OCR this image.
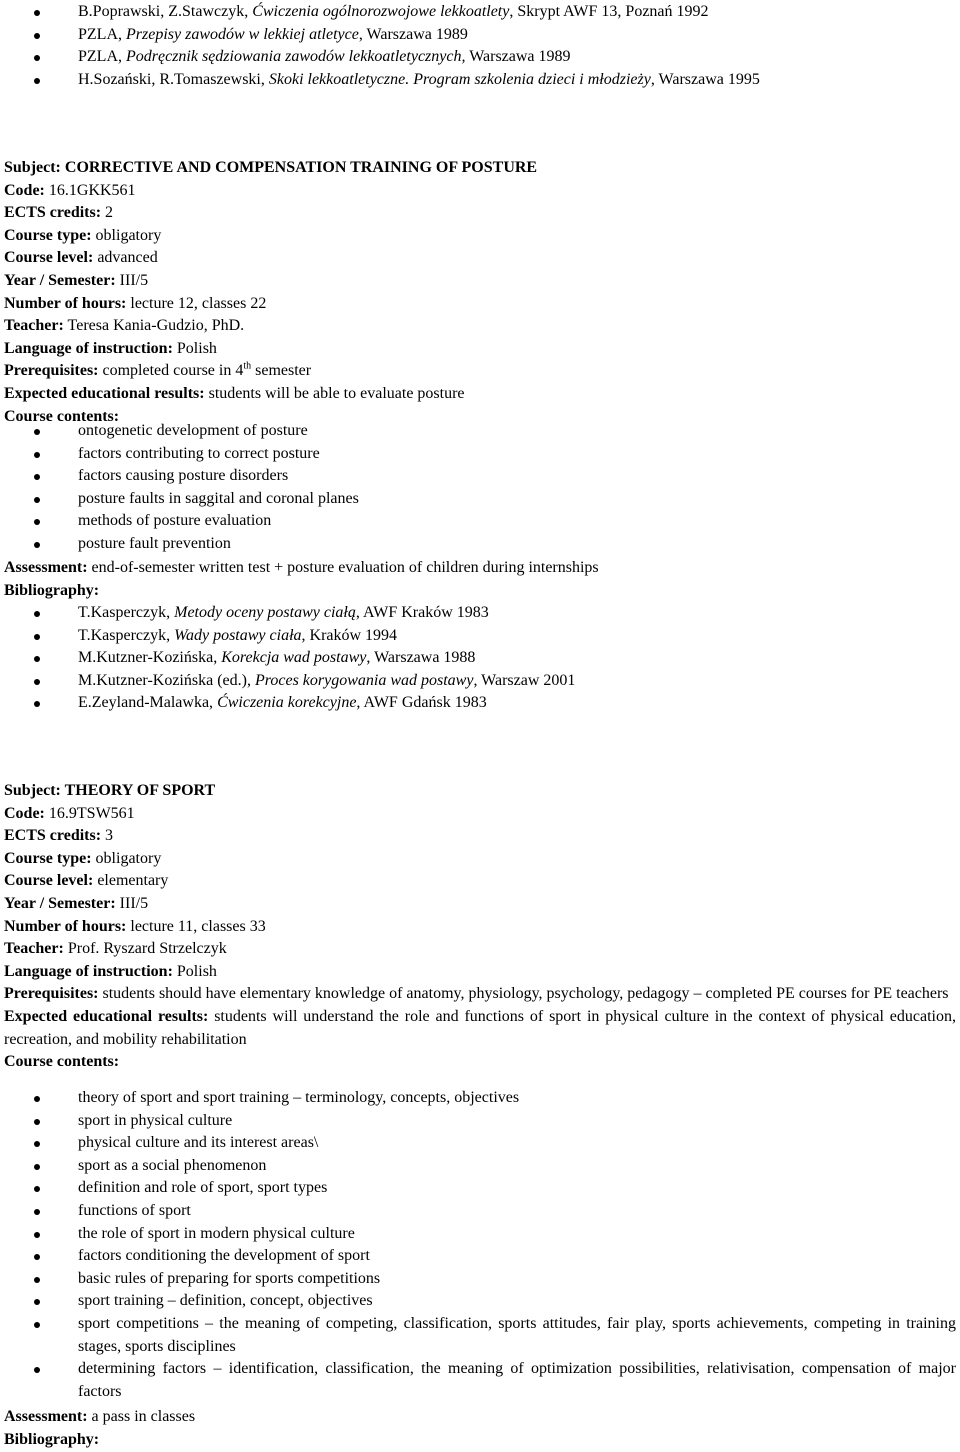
B.Poprawski, Z.Stawczyk, Ćwiczenia ogólnorozwojowe lekkoatlety, Skrypt AWF 13, Poznań 1992
PZLA, Przepisy zawodów w lekkiej atletyce, Warszawa 1989
PZLA, Podręcznik sędziowania zawodów lekkoatletycznych, Warszawa 1989
H.Sozański, R.Tomaszewski, Skoki lekkoatletyczne. Program szkolenia dzieci i młodzieży, Warszawa 1995
Subject: CORRECTIVE AND COMPENSATION TRAINING OF POSTURE
Code: 16.1GKK561
ECTS credits: 2
Course type: obligatory
Course level: advanced
Year / Semester: III/5
Number of hours: lecture 12, classes 22
Teacher: Teresa Kania-Gudzio, PhD.
Language of instruction: Polish
Prerequisites: completed course in 4th semester
Expected educational results: students will be able to evaluate posture
Course contents:
ontogenetic development of posture
factors contributing to correct posture
factors causing posture disorders
posture faults in saggital and coronal planes
methods of posture evaluation
posture fault prevention
Assessment: end-of-semester written test + posture evaluation of children during internships
Bibliography:
T.Kasperczyk, Metody oceny postawy ciałą, AWF Kraków 1983
T.Kasperczyk, Wady postawy ciała, Kraków 1994
M.Kutzner-Kozińska, Korekcja wad postawy, Warszawa 1988
M.Kutzner-Kozińska (ed.), Proces korygowania wad postawy, Warszaw 2001
E.Zeyland-Malawka, Ćwiczenia korekcyjne, AWF Gdańsk 1983
Subject: THEORY OF SPORT
Code: 16.9TSW561
ECTS credits: 3
Course type: obligatory
Course level: elementary
Year / Semester: III/5
Number of hours: lecture 11, classes 33
Teacher: Prof. Ryszard Strzelczyk
Language of instruction: Polish
Prerequisites: students should have elementary knowledge of anatomy, physiology, psychology, pedagogy – completed PE courses for PE teachers
Expected educational results: students will understand the role and functions of sport in physical culture in the context of physical education, recreation, and mobility rehabilitation
Course contents:
theory of sport and sport training – terminology, concepts, objectives
sport in physical culture
physical culture and its interest areas\
sport as a social phenomenon
definition and role of sport, sport types
functions of sport
the role of sport in modern physical culture
factors conditioning the development of sport
basic rules of preparing for sports competitions
sport training – definition, concept, objectives
sport competitions – the meaning of competing, classification, sports attitudes, fair play, sports achievements, competing in training stages, sports disciplines
determining factors – identification, classification, the meaning of optimization possibilities, relativisation, compensation of major factors
Assessment: a pass in classes
Bibliography:
